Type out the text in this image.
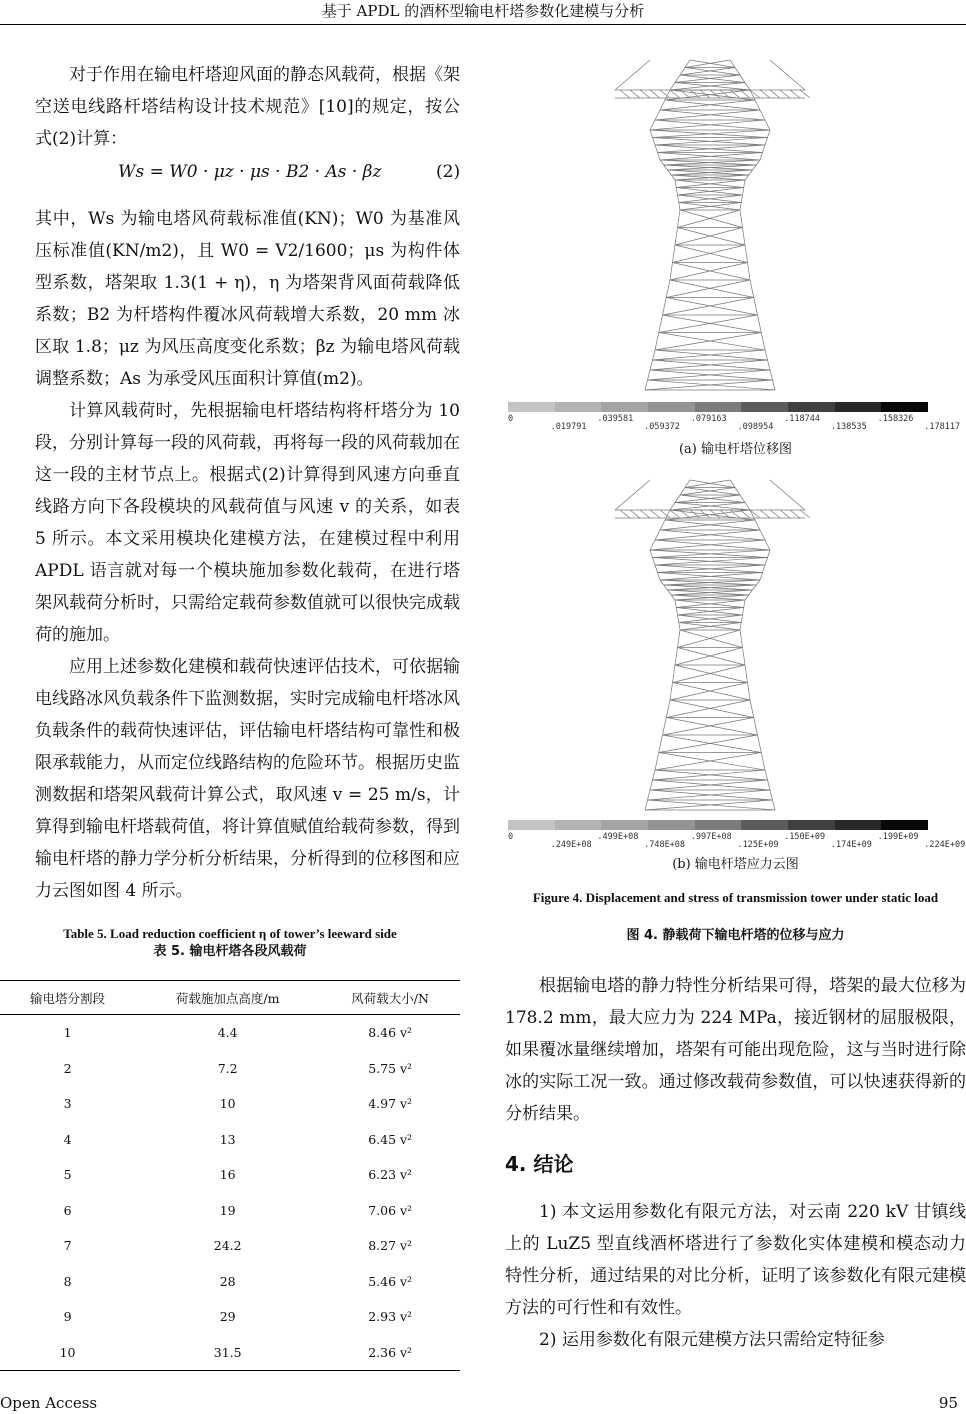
基于 APDL 的酒杯型输电杆塔参数化建模与分析

对于作用在输电杆塔迎风面的静态风载荷，根据《架空送电线路杆塔结构设计技术规范》[10]的规定，按公式(2)计算：

Ws = W0 · μz · μs · B2 · As · βz	(2)

其中，Ws 为输电塔风荷载标准值(KN)；W0 为基准风压标准值(KN/m2)，且 W0 = V2/1600；μs 为构件体型系数，塔架取 1.3(1 + η)，η 为塔架背风面荷载降低系数；B2 为杆塔构件覆冰风荷载增大系数，20 mm 冰区取 1.8；μz 为风压高度变化系数；βz 为输电塔风荷载调整系数；As 为承受风压面积计算值(m2)。

计算风载荷时，先根据输电杆塔结构将杆塔分为 10 段，分别计算每一段的风荷载，再将每一段的风荷载加在这一段的主材节点上。根据式(2)计算得到风速方向垂直线路方向下各段模块的风载荷值与风速 v 的关系，如表 5 所示。本文采用模块化建模方法，在建模过程中利用 APDL 语言就对每一个模块施加参数化载荷，在进行塔架风载荷分析时，只需给定载荷参数值就可以很快完成载荷的施加。

应用上述参数化建模和载荷快速评估技术，可依据输电线路冰风负载条件下监测数据，实时完成输电杆塔冰风负载条件的载荷快速评估，评估输电杆塔结构可靠性和极限承载能力，从而定位线路结构的危险环节。根据历史监测数据和塔架风载荷计算公式，取风速 v = 25 m/s，计算得到输电杆塔载荷值，将计算值赋值给载荷参数，得到输电杆塔的静力学分析分析结果，分析得到的位移图和应力云图如图 4 所示。

Table 5. Load reduction coefficient η of tower’s leeward side
表 5. 输电杆塔各段风载荷
输电塔分割段	荷载施加点高度/m	风荷载大小/N
1	4.4	8.46 v²
2	7.2	5.75 v²
3	10	4.97 v²
4	13	6.45 v²
5	16	6.23 v²
6	19	7.06 v²
7	24.2	8.27 v²
8	28	5.46 v²
9	29	2.93 v²
10	31.5	2.36 v²
0
.019791
.039581
.059372
.079163
.098954
.118744
.138535
.158326
.178117
(a) 输电杆塔位移图
0
.249E+08
.499E+08
.748E+08
.997E+08
.125E+09
.150E+09
.174E+09
.199E+09
.224E+09
(b) 输电杆塔应力云图
Figure 4. Displacement and stress of transmission tower under static load
图 4. 静载荷下输电杆塔的位移与应力

根据输电塔的静力特性分析结果可得，塔架的最大位移为 178.2 mm，最大应力为 224 MPa，接近钢材的屈服极限，如果覆冰量继续增加，塔架有可能出现危险，这与当时进行除冰的实际工况一致。通过修改载荷参数值，可以快速获得新的分析结果。

4. 结论

1) 本文运用参数化有限元方法，对云南 220 kV 甘镇线上的 LuZ5 型直线酒杯塔进行了参数化实体建模和模态动力特性分析，通过结果的对比分析，证明了该参数化有限元建模方法的可行性和有效性。

2) 运用参数化有限元建模方法只需给定特征参

Open Access	95
